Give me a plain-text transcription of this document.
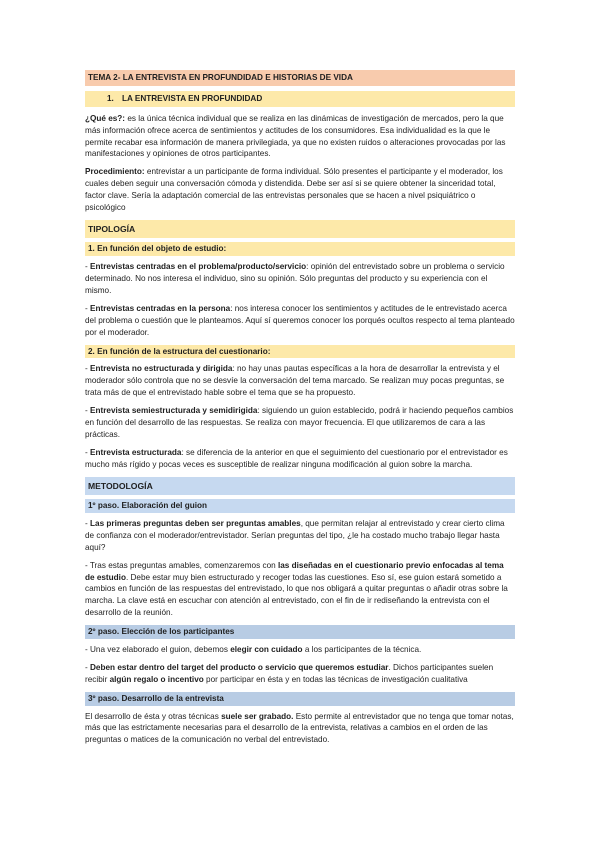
TEMA 2- LA ENTREVISTA EN PROFUNDIDAD E HISTORIAS DE VIDA
1. LA ENTREVISTA EN PROFUNDIDAD

¿Qué es?: es la única técnica individual que se realiza en las dinámicas de investigación de mercados, pero la que más información ofrece acerca de sentimientos y actitudes de los consumidores. Esa individualidad es la que le permite recabar esa información de manera privilegiada, ya que no existen ruidos o alteraciones provocadas por las manifestaciones y opiniones de otros participantes.

Procedimiento: entrevistar a un participante de forma individual. Sólo presentes el participante y el moderador, los cuales deben seguir una conversación cómoda y distendida. Debe ser así si se quiere obtener la sinceridad total, factor clave. Sería la adaptación comercial de las entrevistas personales que se hacen a nivel psiquiátrico o psicológico

TIPOLOGÍA
1. En función del objeto de estudio:

- Entrevistas centradas en el problema/producto/servicio: opinión del entrevistado sobre un problema o servicio determinado. No nos interesa el individuo, sino su opinión. Sólo preguntas del producto y su experiencia con el mismo.

- Entrevistas centradas en la persona: nos interesa conocer los sentimientos y actitudes de le entrevistado acerca del problema o cuestión que le planteamos. Aquí sí queremos conocer los porqués ocultos respecto al tema planteado por el moderador.

2. En función de la estructura del cuestionario:

- Entrevista no estructurada y dirigida: no hay unas pautas específicas a la hora de desarrollar la entrevista y el moderador sólo controla que no se desvíe la conversación del tema marcado. Se realizan muy pocas preguntas, se trata más de que el entrevistado hable sobre el tema que se ha propuesto.

- Entrevista semiestructurada y semidirigida: siguiendo un guion establecido, podrá ir haciendo pequeños cambios en función del desarrollo de las respuestas. Se realiza con mayor frecuencia. El que utilizaremos de cara a las prácticas.

- Entrevista estructurada: se diferencia de la anterior en que el seguimiento del cuestionario por el entrevistador es mucho más rígido y pocas veces es susceptible de realizar ninguna modificación al guion sobre la marcha.

METODOLOGÍA
1º paso. Elaboración del guion

- Las primeras preguntas deben ser preguntas amables, que permitan relajar al entrevistado y crear cierto clima de confianza con el moderador/entrevistador. Serían preguntas del tipo, ¿le ha costado mucho trabajo llegar hasta aquí?

- Tras estas preguntas amables, comenzaremos con las diseñadas en el cuestionario previo enfocadas al tema de estudio. Debe estar muy bien estructurado y recoger todas las cuestiones. Eso sí, ese guion estará sometido a cambios en función de las respuestas del entrevistado, lo que nos obligará a quitar preguntas o añadir otras sobre la marcha. La clave está en escuchar con atención al entrevistado, con el fin de ir rediseñando la entrevista con el desarrollo de la reunión.

2º paso. Elección de los participantes

- Una vez elaborado el guion, debemos elegir con cuidado a los participantes de la técnica.

- Deben estar dentro del target del producto o servicio que queremos estudiar. Dichos participantes suelen recibir algún regalo o incentivo por participar en ésta y en todas las técnicas de investigación cualitativa

3º paso. Desarrollo de la entrevista

El desarrollo de ésta y otras técnicas suele ser grabado. Esto permite al entrevistador que no tenga que tomar notas, más que las estrictamente necesarias para el desarrollo de la entrevista, relativas a cambios en el orden de las preguntas o matices de la comunicación no verbal del entrevistado.
